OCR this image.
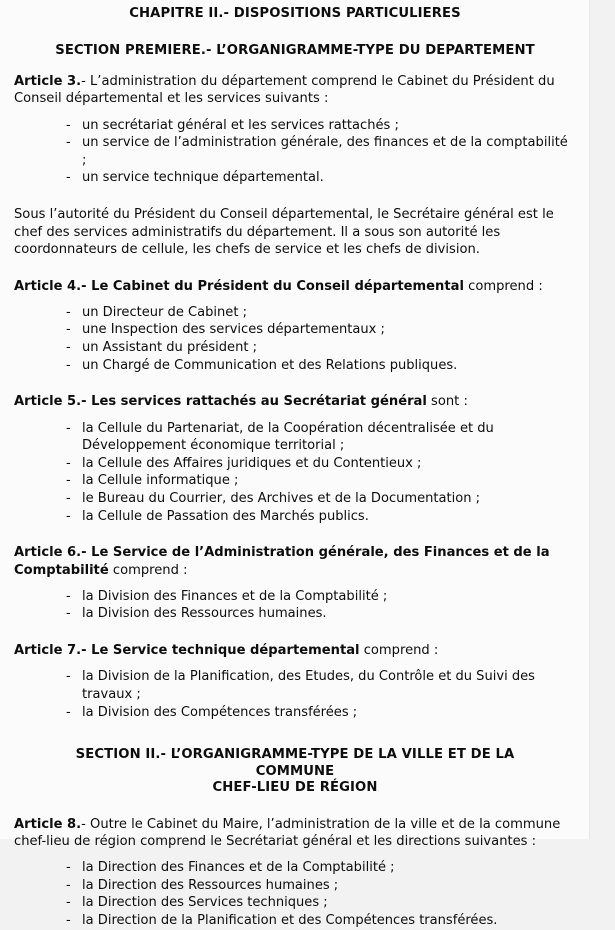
CHAPITRE II.- DISPOSITIONS PARTICULIERES
SECTION PREMIERE.- L’ORGANIGRAMME-TYPE DU DEPARTEMENT

Article 3.- L’administration du département comprend le Cabinet du Président du Conseil départemental et les services suivants :

- un secrétariat général et les services rattachés ;
- un service de l’administration générale, des finances et de la comptabilité ;
- un service technique départemental.

Sous l’autorité du Président du Conseil départemental, le Secrétaire général est le chef des services administratifs du département. Il a sous son autorité les coordonnateurs de cellule, les chefs de service et les chefs de division.

Article 4.- Le Cabinet du Président du Conseil départemental comprend :

- un Directeur de Cabinet ;
- une Inspection des services départementaux ;
- un Assistant du président ;
- un Chargé de Communication et des Relations publiques.

Article 5.- Les services rattachés au Secrétariat général sont :

- la Cellule du Partenariat, de la Coopération décentralisée et du Développement économique territorial ;
- la Cellule des Affaires juridiques et du Contentieux ;
- la Cellule informatique ;
- le Bureau du Courrier, des Archives et de la Documentation ;
- la Cellule de Passation des Marchés publics.

Article 6.- Le Service de l’Administration générale, des Finances et de la Comptabilité comprend :

- la Division des Finances et de la Comptabilité ;
- la Division des Ressources humaines.

Article 7.- Le Service technique départemental comprend :

- la Division de la Planification, des Etudes, du Contrôle et du Suivi des travaux ;
- la Division des Compétences transférées ;
SECTION II.- L’ORGANIGRAMME-TYPE DE LA VILLE ET DE LA COMMUNE
CHEF-LIEU DE RÉGION

Article 8.- Outre le Cabinet du Maire, l’administration de la ville et de la commune chef-lieu de région comprend le Secrétariat général et les directions suivantes :

- la Direction des Finances et de la Comptabilité ;
- la Direction des Ressources humaines ;
- la Direction des Services techniques ;
- la Direction de la Planification et des Compétences transférées.
